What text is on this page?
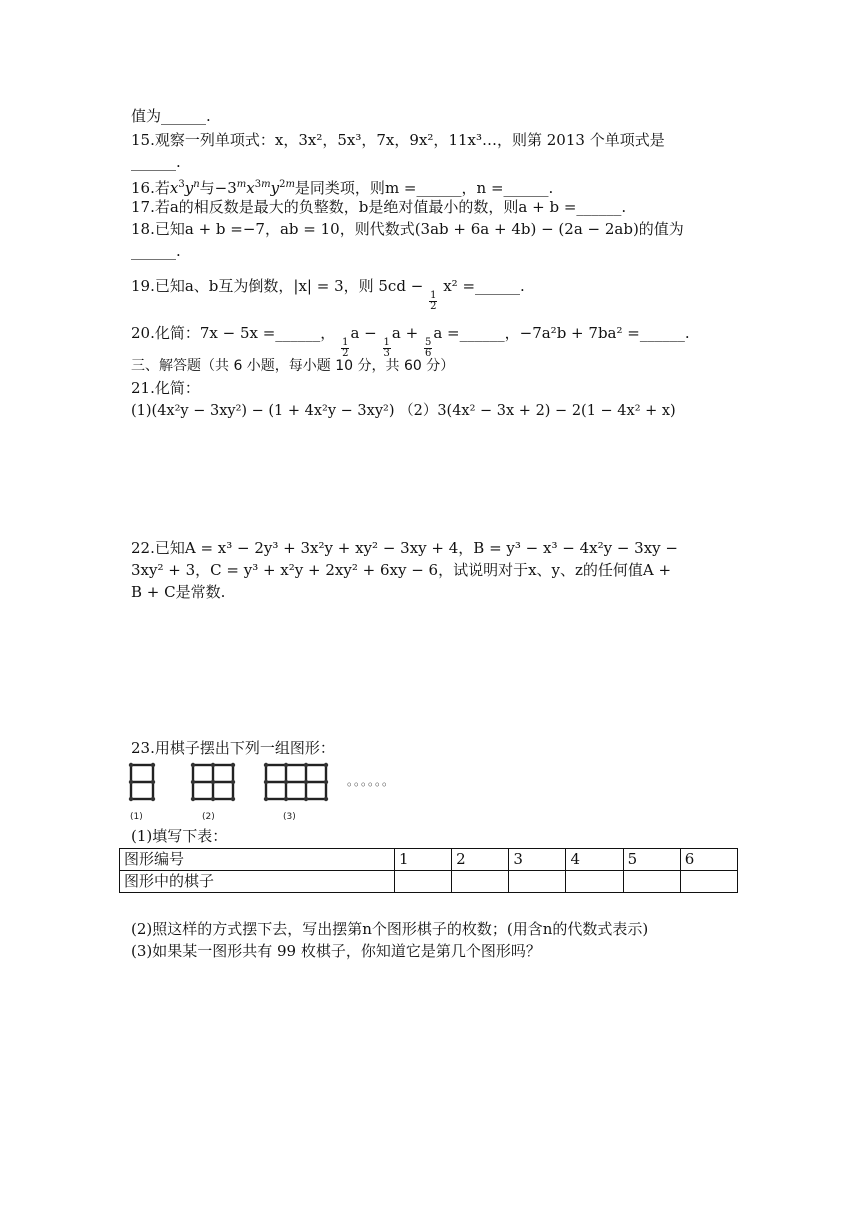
值为______.
15.观察一列单项式：x，3x²，5x³，7x，9x²，11x³…，则第 2013 个单项式是
______.
16.若$x^3y^n$与$-3^mx^{3m}y^{2m}$是同类项，则m =______，n =______.
17.若a的相反数是最大的负整数，b是绝对值最小的数，则a + b =______.
18.已知a + b =−7，ab = 10，则代数式(3ab + 6a + 4b) − (2a − 2ab)的值为
______.
19.已知a、b互为倒数，|x| = 3，则 5cd −
$\frac{1}{2}$
x² =______.
20.化简：7x − 5x =______，
$\frac{1}{2}$
a −
$\frac{1}{3}$
a +
$\frac{5}{6}$
a =______，−7a²b + 7ba² =______.
三、解答题（共 6 小题，每小题 10 分，共 60 分）
21.化简：
(1)(4x²y − 3xy²) − (1 + 4x²y − 3xy²) （2）3(4x² − 3x + 2) − 2(1 − 4x² + x)
22.已知A = x³ − 2y³ + 3x²y + xy² − 3xy + 4，B = y³ − x³ − 4x²y − 3xy −
3xy² + 3，C = y³ + x²y + 2xy² + 6xy − 6，试说明对于x、y、z的任何值A +
B + C是常数.
23.用棋子摆出下列一组图形：
。。。。。。
(1)	(2)	(3)
(1)填写下表：
图形编号	1	2	3	4	5	6
图形中的棋子						
(2)照这样的方式摆下去，写出摆第n个图形棋子的枚数；(用含n的代数式表示)
(3)如果某一图形共有 99 枚棋子，你知道它是第几个图形吗？
